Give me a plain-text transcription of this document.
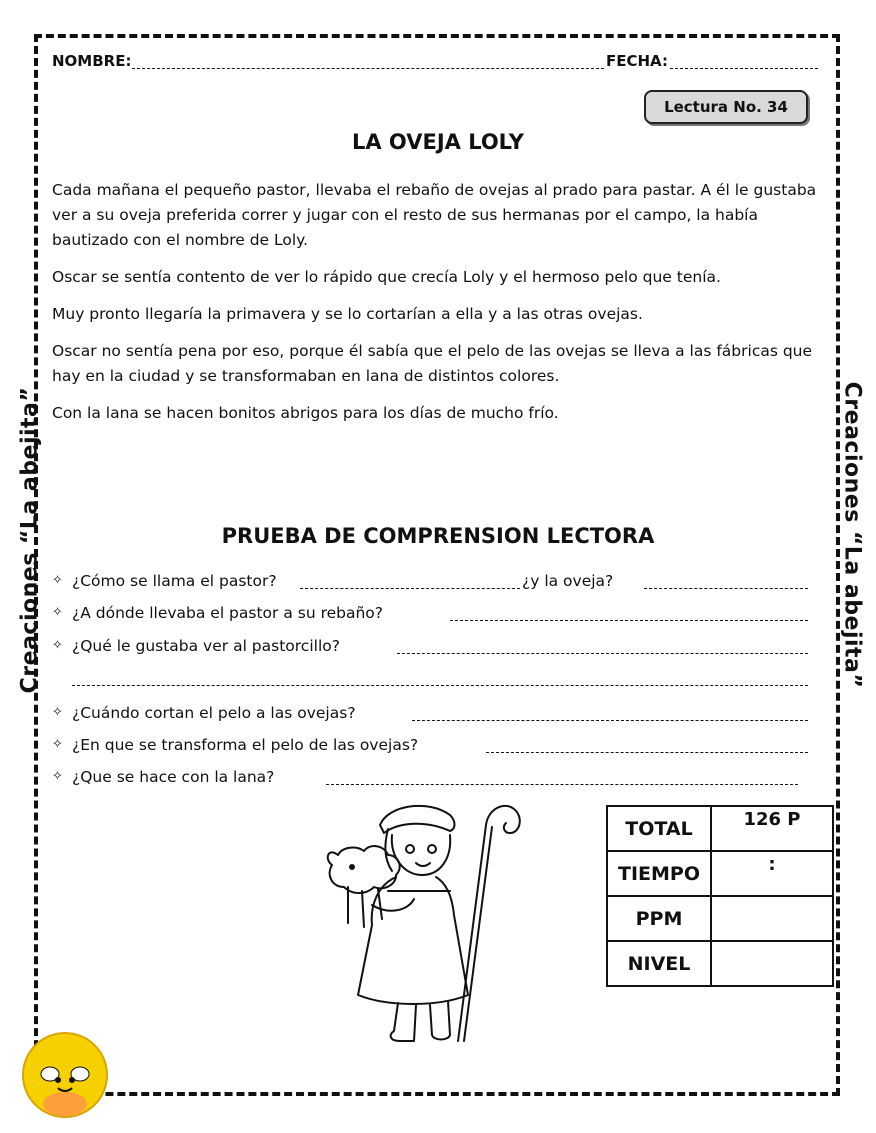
Creaciones “La abejita”	Creaciones “La abejita”
NOMBRE:	FECHA:
Lectura No. 34
LA OVEJA LOLY

Cada mañana el pequeño pastor, llevaba el rebaño de ovejas al prado para pastar. A él le gustaba ver a su oveja preferida correr y jugar con el resto de sus hermanas por el campo, la había bautizado con el nombre de Loly.

Oscar se sentía contento de ver lo rápido que crecía Loly y el hermoso pelo que tenía.

Muy pronto llegaría la primavera y se lo cortarían a ella y a las otras ovejas.

Oscar no sentía pena por eso, porque él sabía que el pelo de las ovejas se lleva a las fábricas que hay en la ciudad y se transformaban en lana de distintos colores.

Con la lana se hacen bonitos abrigos para los días de mucho frío.

PRUEBA DE COMPRENSION LECTORA
✧ ¿Cómo se llama el pastor?	¿y la oveja?
✧ ¿A dónde llevaba el pastor a su rebaño?
✧ ¿Qué le gustaba ver al pastorcillo?
✧ ¿Cuándo cortan el pelo a las ovejas?
✧ ¿En que se transforma el pelo de las ovejas?
✧ ¿Que se hace con la lana?
TOTAL	126 P
TIEMPO	:
PPM	
NIVEL	
